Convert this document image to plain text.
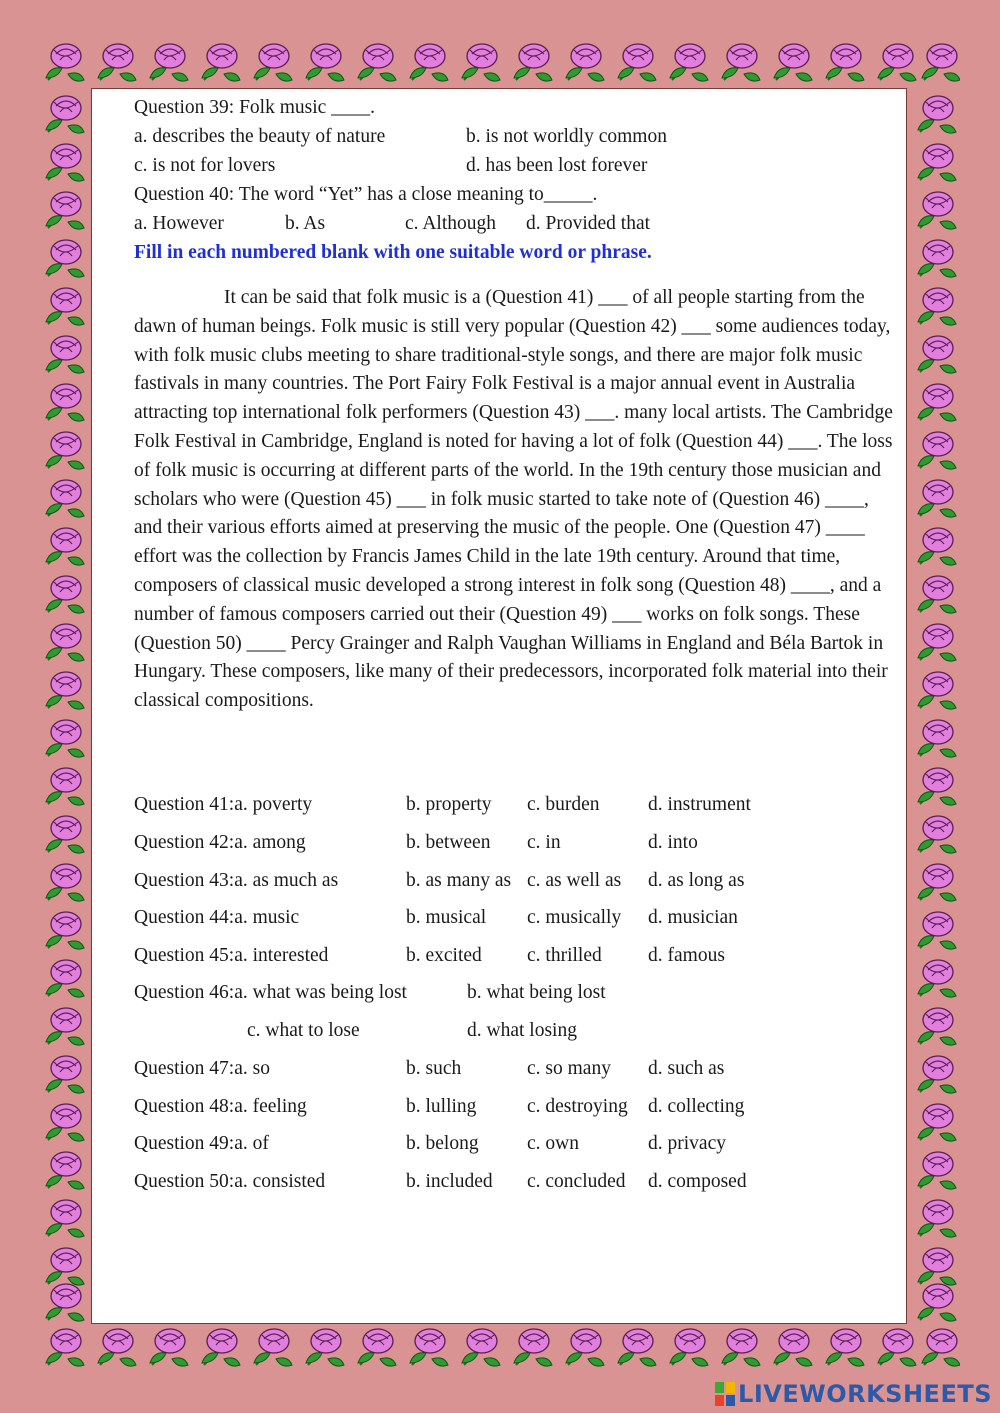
Question 39: Folk music ____.
a. describes the beauty of nature	b. is not worldly common
c. is not for lovers	d. has been lost forever
Question 40: The word “Yet” has a close meaning to_____.
a. However	b. As	c. Although d. Provided that
Fill in each numbered blank with one suitable word or phrase.

It can be said that folk music is a (Question 41) ___ of all people starting from the dawn of human beings. Folk music is still very popular (Question 42) ___ some audiences today, with folk music clubs meeting to share traditional-style songs, and there are major folk music fastivals in many countries. The Port Fairy Folk Festival is a major annual event in Australia attracting top international folk performers (Question 43) ___. many local artists. The Cambridge Folk Festival in Cambridge, England is noted for having a lot of folk (Question 44) ___. The loss of folk music is occurring at different parts of the world. In the 19th century those musician and scholars who were (Question 45) ___ in folk music started to take note of (Question 46) ____, and their various efforts aimed at preserving the music of the people. One (Question 47) ____ effort was the collection by Francis James Child in the late 19th century. Around that time, composers of classical music developed a strong interest in folk song (Question 48) ____, and a number of famous composers carried out their (Question 49) ___ works on folk songs. These (Question 50) ____ Percy Grainger and Ralph Vaughan Williams in England and Béla Bartok in Hungary. These composers, like many of their predecessors, incorporated folk material into their classical compositions.

Question 41:a. poverty	b. property c. burden d. instrument
Question 42:a. among	b. between c. in	d. into
Question 43:a. as much as	b. as many as c. as well as d. as long as
Question 44:a. music	b. musical c. musically d. musician
Question 45:a. interested	b. excited c. thrilled d. famous
Question 46:a. what was being lost	b. what being lost
c. what to lose	d. what losing
Question 47:a. so	b. such	c. so many d. such as
Question 48:a. feeling	b. lulling	c. destroying d. collecting
Question 49:a. of	b. belong c. own	d. privacy
Question 50:a. consisted	b. included c. concluded d. composed
LIVEWORKSHEETS
